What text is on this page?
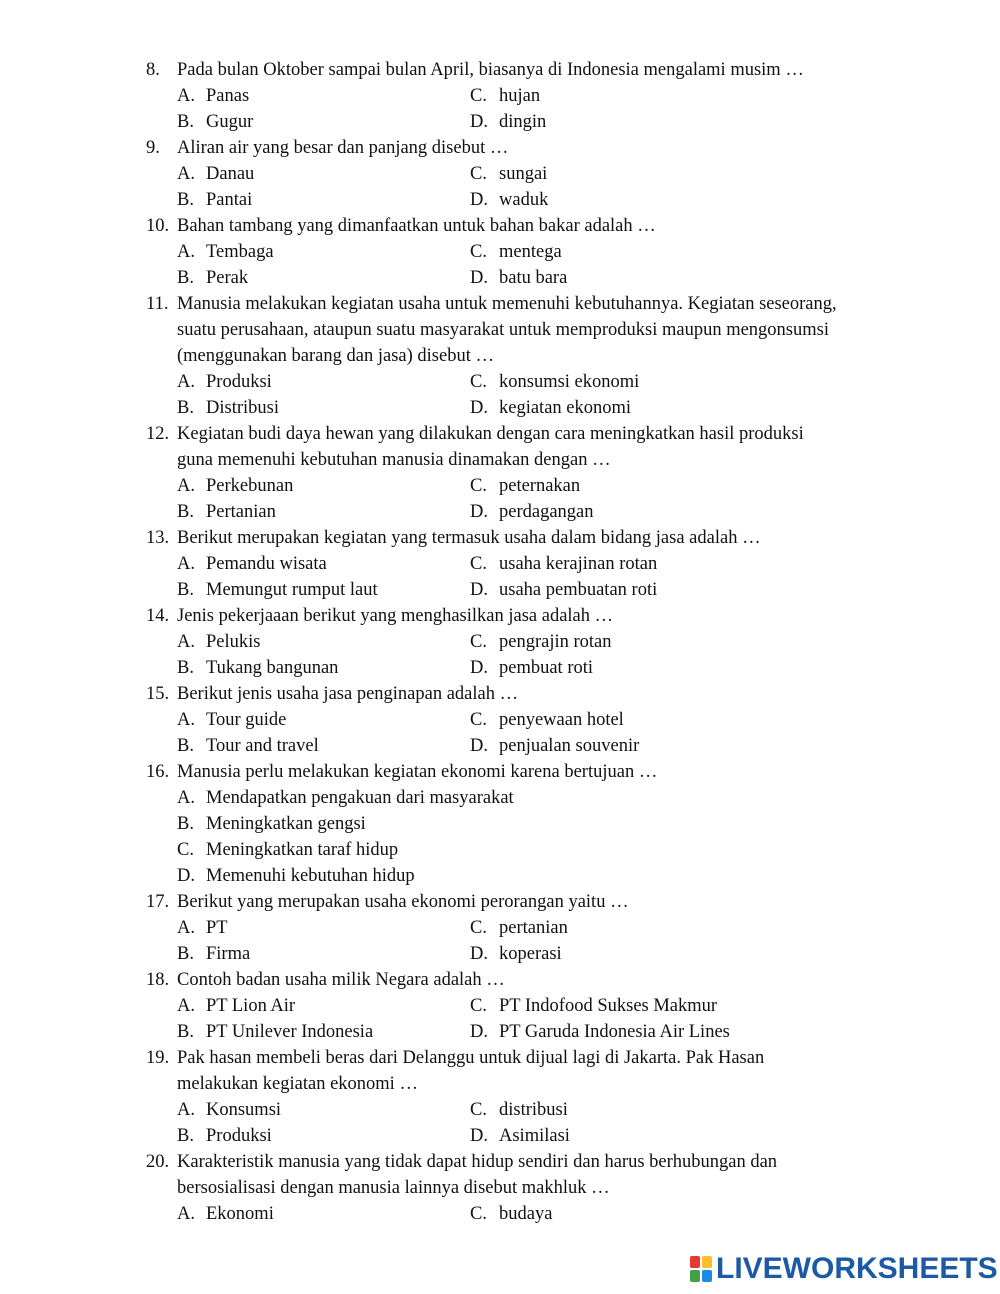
8. Pada bulan Oktober sampai bulan April, biasanya di Indonesia mengalami musim …
A. Panas	C. hujan
B. Gugur	D. dingin
9. Aliran air yang besar dan panjang disebut …
A. Danau	C. sungai
B. Pantai	D. waduk
10. Bahan tambang yang dimanfaatkan untuk bahan bakar adalah …
A. Tembaga	C. mentega
B. Perak	D. batu bara
11. Manusia melakukan kegiatan usaha untuk memenuhi kebutuhannya. Kegiatan seseorang,
suatu perusahaan, ataupun suatu masyarakat untuk memproduksi maupun mengonsumsi
(menggunakan barang dan jasa) disebut …
A. Produksi	C. konsumsi ekonomi
B. Distribusi	D. kegiatan ekonomi
12. Kegiatan budi daya hewan yang dilakukan dengan cara meningkatkan hasil produksi
guna memenuhi kebutuhan manusia dinamakan dengan …
A. Perkebunan	C. peternakan
B. Pertanian	D. perdagangan
13. Berikut merupakan kegiatan yang termasuk usaha dalam bidang jasa adalah …
A. Pemandu wisata	C. usaha kerajinan rotan
B. Memungut rumput laut	D. usaha pembuatan roti
14. Jenis pekerjaaan berikut yang menghasilkan jasa adalah …
A. Pelukis	C. pengrajin rotan
B. Tukang bangunan	D. pembuat roti
15. Berikut jenis usaha jasa penginapan adalah …
A. Tour guide	C. penyewaan hotel
B. Tour and travel	D. penjualan souvenir
16. Manusia perlu melakukan kegiatan ekonomi karena bertujuan …
A. Mendapatkan pengakuan dari masyarakat
B. Meningkatkan gengsi
C. Meningkatkan taraf hidup
D. Memenuhi kebutuhan hidup
17. Berikut yang merupakan usaha ekonomi perorangan yaitu …
A. PT	C. pertanian
B. Firma	D. koperasi
18. Contoh badan usaha milik Negara adalah …
A. PT Lion Air	C. PT Indofood Sukses Makmur
B. PT Unilever Indonesia	D. PT Garuda Indonesia Air Lines
19. Pak hasan membeli beras dari Delanggu untuk dijual lagi di Jakarta. Pak Hasan
melakukan kegiatan ekonomi …
A. Konsumsi	C. distribusi
B. Produksi	D. Asimilasi
20. Karakteristik manusia yang tidak dapat hidup sendiri dan harus berhubungan dan
bersosialisasi dengan manusia lainnya disebut makhluk …
A. Ekonomi	C. budaya
LIVEWORKSHEETS
